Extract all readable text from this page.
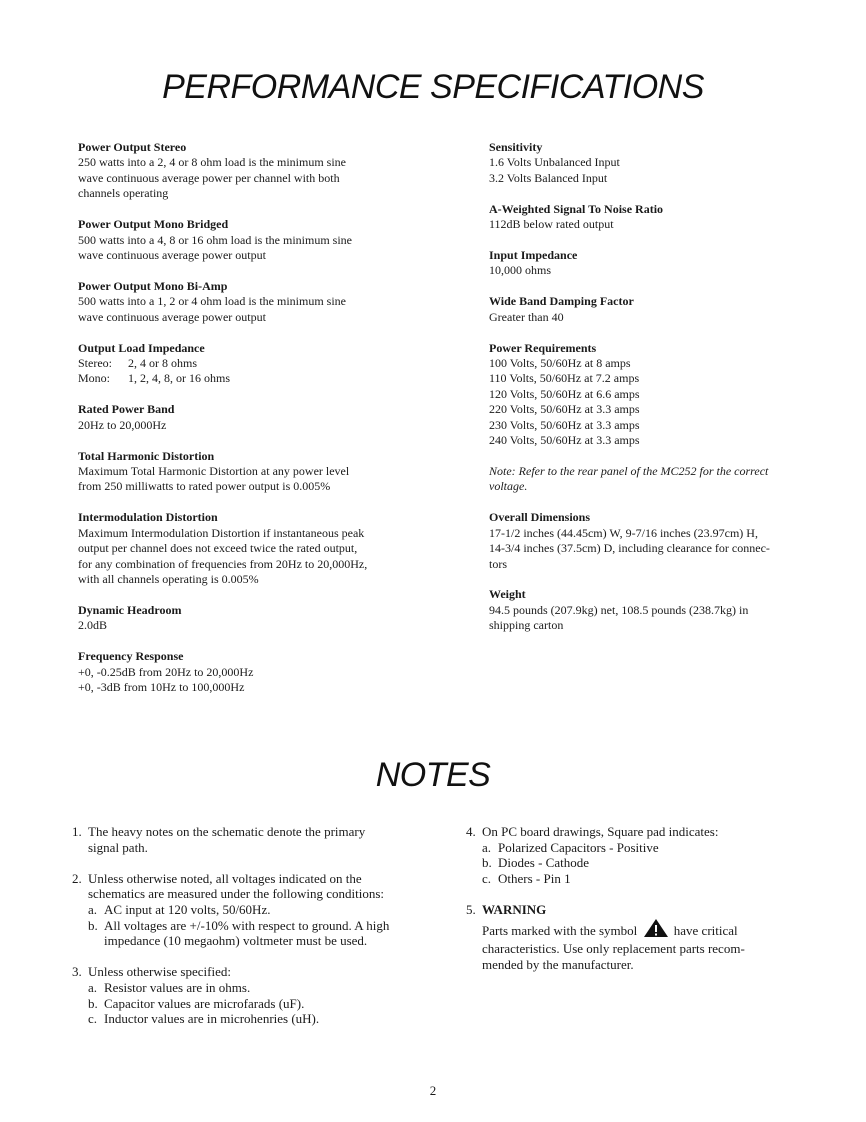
PERFORMANCE SPECIFICATIONS
Power Output Stereo

250 watts into a 2, 4 or 8 ohm load is the minimum sine

wave continuous average power per channel with both

channels operating

Power Output Mono Bridged

500 watts into a 4, 8 or 16 ohm load is the minimum sine

wave continuous average power output

Power Output Mono Bi-Amp

500 watts into a 1, 2 or 4 ohm load is the minimum sine

wave continuous average power output

Output Load Impedance
Stereo:	2, 4 or 8 ohms
Mono:	1, 2, 4, 8, or 16 ohms
Rated Power Band

20Hz to 20,000Hz

Total Harmonic Distortion

Maximum Total Harmonic Distortion at any power level

from 250 milliwatts to rated power output is 0.005%

Intermodulation Distortion

Maximum Intermodulation Distortion if instantaneous peak

output per channel does not exceed twice the rated output,

for any combination of frequencies from 20Hz to 20,000Hz,

with all channels operating is 0.005%

Dynamic Headroom

2.0dB

Frequency Response

+0, -0.25dB from 20Hz to 20,000Hz

+0, -3dB from 10Hz to 100,000Hz

Sensitivity

1.6 Volts Unbalanced Input

3.2 Volts Balanced Input

A-Weighted Signal To Noise Ratio

112dB below rated output

Input Impedance

10,000 ohms

Wide Band Damping Factor

Greater than 40

Power Requirements

100 Volts, 50/60Hz at 8 amps

110 Volts, 50/60Hz at 7.2 amps

120 Volts, 50/60Hz at 6.6 amps

220 Volts, 50/60Hz at 3.3 amps

230 Volts, 50/60Hz at 3.3 amps

240 Volts, 50/60Hz at 3.3 amps

Note: Refer to the rear panel of the MC252 for the correct

voltage.

Overall Dimensions

17-1/2 inches (44.45cm) W, 9-7/16 inches (23.97cm) H,

14-3/4 inches (37.5cm) D, including clearance for connec-

tors

Weight

94.5 pounds (207.9kg) net, 108.5 pounds (238.7kg) in

shipping carton

NOTES
1. The heavy notes on the schematic denote the primary
signal path.
2. Unless otherwise noted, all voltages indicated on the
schematics are measured under the following conditions:
a. AC input at 120 volts, 50/60Hz.
b. All voltages are +/-10% with respect to ground. A high impedance (10 megaohm) voltmeter must be used.
3. Unless otherwise specified:
a. Resistor values are in ohms.
b. Capacitor values are microfarads (uF).
c. Inductor values are in microhenries (uH).
4. On PC board drawings, Square pad indicates:
a. Polarized Capacitors - Positive
b. Diodes - Cathode
c. Others - Pin 1
5. WARNING
Parts marked with the symbol	have critical
characteristics. Use only replacement parts recom-
mended by the manufacturer.
2
